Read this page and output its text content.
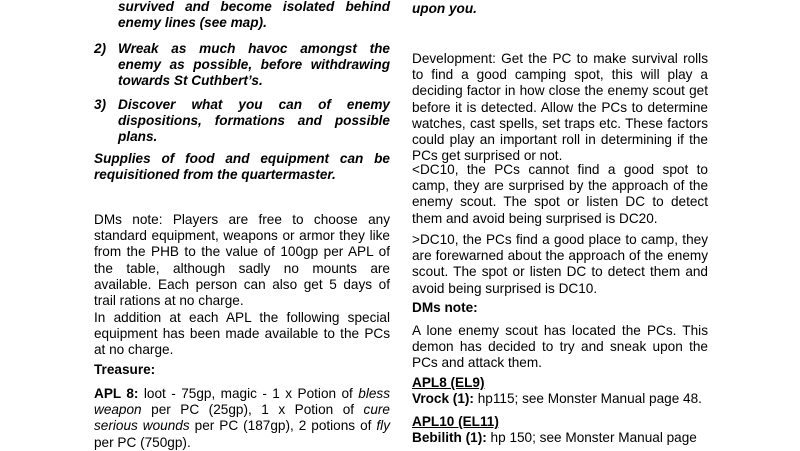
survived and become isolated behind enemy lines (see map).

2) Wreak as much havoc amongst the enemy as possible, before withdrawing towards St Cuthbert’s.

3) Discover what you can of enemy dispositions, formations and possible plans.

Supplies of food and equipment can be requisitioned from the quartermaster.

DMs note: Players are free to choose any standard equipment, weapons or armor they like from the PHB to the value of 100gp per APL of the table, although sadly no mounts are available. Each person can also get 5 days of trail rations at no charge.

In addition at each APL the following special equipment has been made available to the PCs at no charge.

Treasure:

APL 8: loot - 75gp, magic - 1 x Potion of bless weapon per PC (25gp), 1 x Potion of cure serious wounds per PC (187gp), 2 potions of fly per PC (750gp).

upon you.

Development: Get the PC to make survival rolls to find a good camping spot, this will play a deciding factor in how close the enemy scout get before it is detected. Allow the PCs to determine watches, cast spells, set traps etc. These factors could play an important roll in determining if the PCs get surprised or not.

<DC10, the PCs cannot find a good spot to camp, they are surprised by the approach of the enemy scout. The spot or listen DC to detect them and avoid being surprised is DC20.

>DC10, the PCs find a good place to camp, they are forewarned about the approach of the enemy scout. The spot or listen DC to detect them and avoid being surprised is DC10.

DMs note:

A lone enemy scout has located the PCs. This demon has decided to try and sneak upon the PCs and attack them.

APL8 (EL9)

Vrock (1): hp115; see Monster Manual page 48.

APL10 (EL11)

Bebilith (1): hp 150; see Monster Manual page
